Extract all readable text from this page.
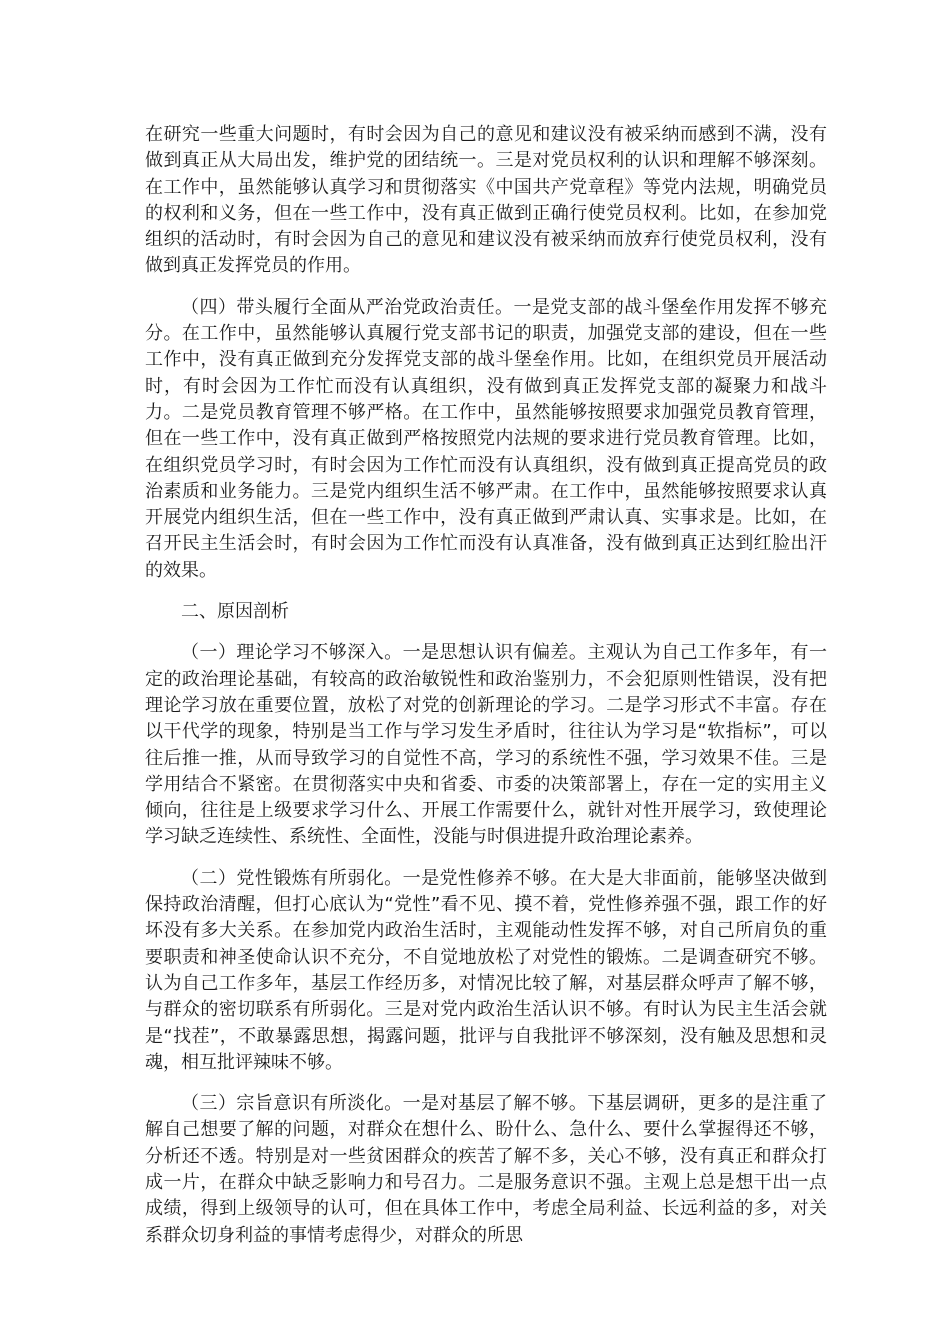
在研究一些重大问题时，有时会因为自己的意见和建议没有被采纳而感到不满，没有做到真正从大局出发，维护党的团结统一。三是对党员权利的认识和理解不够深刻。在工作中，虽然能够认真学习和贯彻落实《中国共产党章程》等党内法规，明确党员的权利和义务，但在一些工作中，没有真正做到正确行使党员权利。比如，在参加党组织的活动时，有时会因为自己的意见和建议没有被采纳而放弃行使党员权利，没有做到真正发挥党员的作用。

（四）带头履行全面从严治党政治责任。一是党支部的战斗堡垒作用发挥不够充分。在工作中，虽然能够认真履行党支部书记的职责，加强党支部的建设，但在一些工作中，没有真正做到充分发挥党支部的战斗堡垒作用。比如，在组织党员开展活动时，有时会因为工作忙而没有认真组织，没有做到真正发挥党支部的凝聚力和战斗力。二是党员教育管理不够严格。在工作中，虽然能够按照要求加强党员教育管理，但在一些工作中，没有真正做到严格按照党内法规的要求进行党员教育管理。比如，在组织党员学习时，有时会因为工作忙而没有认真组织，没有做到真正提高党员的政治素质和业务能力。三是党内组织生活不够严肃。在工作中，虽然能够按照要求认真开展党内组织生活，但在一些工作中，没有真正做到严肃认真、实事求是。比如，在召开民主生活会时，有时会因为工作忙而没有认真准备，没有做到真正达到红脸出汗的效果。

二、原因剖析

（一）理论学习不够深入。一是思想认识有偏差。主观认为自己工作多年，有一定的政治理论基础，有较高的政治敏锐性和政治鉴别力，不会犯原则性错误，没有把理论学习放在重要位置，放松了对党的创新理论的学习。二是学习形式不丰富。存在以干代学的现象，特别是当工作与学习发生矛盾时，往往认为学习是“软指标”，可以往后推一推，从而导致学习的自觉性不高，学习的系统性不强，学习效果不佳。三是学用结合不紧密。在贯彻落实中央和省委、市委的决策部署上，存在一定的实用主义倾向，往往是上级要求学习什么、开展工作需要什么，就针对性开展学习，致使理论学习缺乏连续性、系统性、全面性，没能与时俱进提升政治理论素养。

（二）党性锻炼有所弱化。一是党性修养不够。在大是大非面前，能够坚决做到保持政治清醒，但打心底认为“党性”看不见、摸不着，党性修养强不强，跟工作的好坏没有多大关系。在参加党内政治生活时，主观能动性发挥不够，对自己所肩负的重要职责和神圣使命认识不充分，不自觉地放松了对党性的锻炼。二是调查研究不够。认为自己工作多年，基层工作经历多，对情况比较了解，对基层群众呼声了解不够，与群众的密切联系有所弱化。三是对党内政治生活认识不够。有时认为民主生活会就是“找茬”，不敢暴露思想，揭露问题，批评与自我批评不够深刻，没有触及思想和灵魂，相互批评辣味不够。

（三）宗旨意识有所淡化。一是对基层了解不够。下基层调研，更多的是注重了解自己想要了解的问题，对群众在想什么、盼什么、急什么、要什么掌握得还不够，分析还不透。特别是对一些贫困群众的疾苦了解不多，关心不够，没有真正和群众打成一片，在群众中缺乏影响力和号召力。二是服务意识不强。主观上总是想干出一点成绩，得到上级领导的认可，但在具体工作中，考虑全局利益、长远利益的多，对关系群众切身利益的事情考虑得少，对群众的所思
